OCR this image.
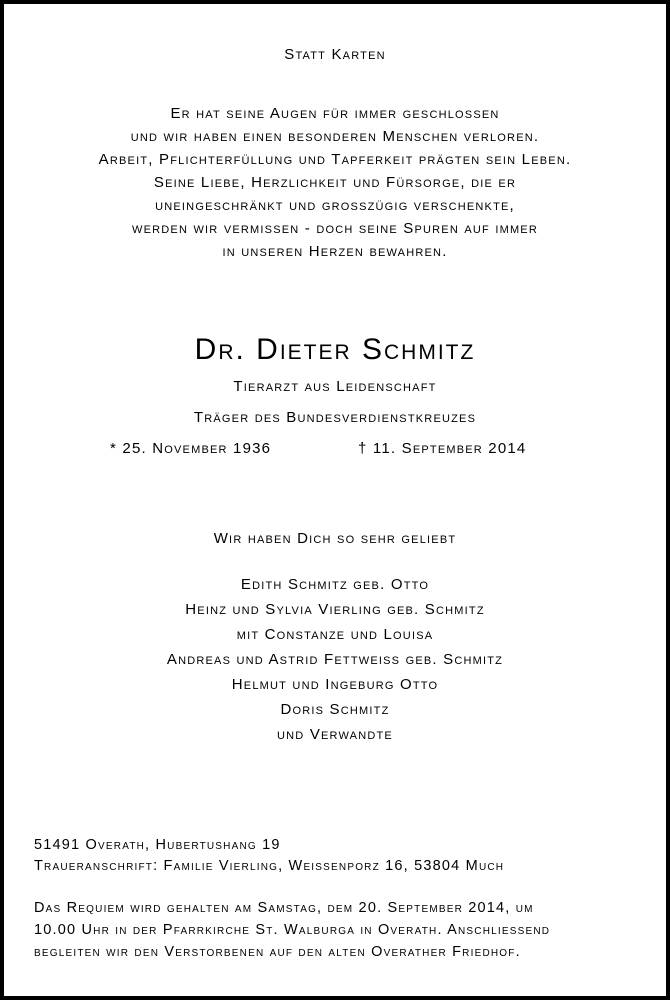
Statt Karten
Er hat seine Augen für immer geschlossen
und wir haben einen besonderen Menschen verloren.
Arbeit, Pflichterfüllung und Tapferkeit prägten sein Leben.
Seine Liebe, Herzlichkeit und Fürsorge, die er
uneingeschränkt und grosszügig verschenkte,
werden wir vermissen - doch seine Spuren auf immer
in unseren Herzen bewahren.
Dr. Dieter Schmitz
Tierarzt aus Leidenschaft
Träger des Bundesverdienstkreuzes
* 25. November 1936	† 11. September 2014
Wir haben Dich so sehr geliebt
Edith Schmitz geb. Otto
Heinz und Sylvia Vierling geb. Schmitz
mit Constanze und Louisa
Andreas und Astrid Fettweiss geb. Schmitz
Helmut und Ingeburg Otto
Doris Schmitz
und Verwandte
51491 Overath, Hubertushang 19
Traueranschrift: Familie Vierling, Weissenporz 16, 53804 Much
Das Requiem wird gehalten am Samstag, dem 20. September 2014, um
10.00 Uhr in der Pfarrkirche St. Walburga in Overath. Anschliessend
begleiten wir den Verstorbenen auf den alten Overather Friedhof.
